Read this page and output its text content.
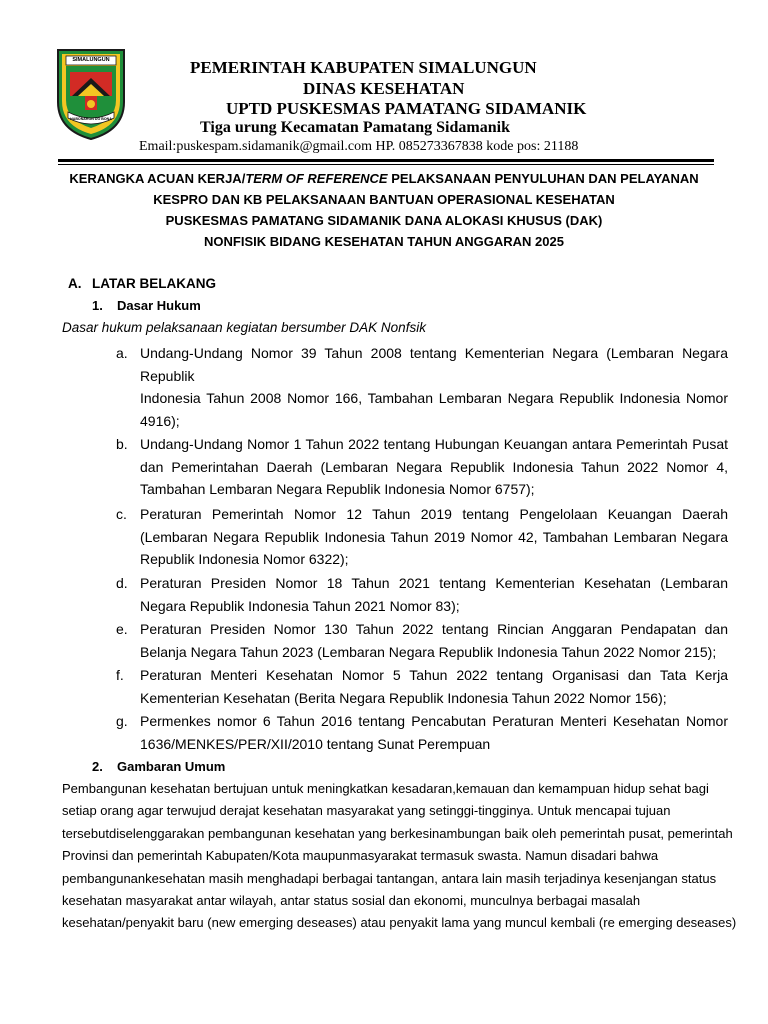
SIMALUNGUN
HABONARON DO BONA
PEMERINTAH KABUPATEN SIMALUNGUN
DINAS KESEHATAN
UPTD PUSKESMAS PAMATANG SIDAMANIK
Tiga urung Kecamatan Pamatang Sidamanik
Email:puskespam.sidamanik@gmail.com HP. 085273367838 kode pos: 21188
KERANGKA ACUAN KERJA/TERM OF REFERENCE PELAKSANAAN PENYULUHAN DAN PELAYANAN
KESPRO DAN KB PELAKSANAAN BANTUAN OPERASIONAL KESEHATAN
PUSKESMAS PAMATANG SIDAMANIK DANA ALOKASI KHUSUS (DAK)
NONFISIK BIDANG KESEHATAN TAHUN ANGGARAN 2025
A. LATAR BELAKANG
1. Dasar Hukum
Dasar hukum pelaksanaan kegiatan bersumber DAK Nonfsik
a. Undang-Undang Nomor 39 Tahun 2008 tentang Kementerian Negara (Lembaran Negara Republik
Indonesia Tahun 2008 Nomor 166, Tambahan Lembaran Negara Republik Indonesia Nomor 4916);
b. Undang-Undang Nomor 1 Tahun 2022 tentang Hubungan Keuangan antara Pemerintah Pusat dan Pemerintahan Daerah (Lembaran Negara Republik Indonesia Tahun 2022 Nomor 4, Tambahan Lembaran Negara Republik Indonesia Nomor 6757);
c. Peraturan Pemerintah Nomor 12 Tahun 2019 tentang Pengelolaan Keuangan Daerah (Lembaran Negara Republik Indonesia Tahun 2019 Nomor 42, Tambahan Lembaran Negara Republik Indonesia Nomor 6322);
d. Peraturan Presiden Nomor 18 Tahun 2021 tentang Kementerian Kesehatan (Lembaran Negara Republik Indonesia Tahun 2021 Nomor 83);
e. Peraturan Presiden Nomor 130 Tahun 2022 tentang Rincian Anggaran Pendapatan dan Belanja Negara Tahun 2023 (Lembaran Negara Republik Indonesia Tahun 2022 Nomor 215);
f. Peraturan Menteri Kesehatan Nomor 5 Tahun 2022 tentang Organisasi dan Tata Kerja Kementerian Kesehatan (Berita Negara Republik Indonesia Tahun 2022 Nomor 156);
g. Permenkes nomor 6 Tahun 2016 tentang Pencabutan Peraturan Menteri Kesehatan Nomor 1636/MENKES/PER/XII/2010 tentang Sunat Perempuan
2. Gambaran Umum
Pembangunan kesehatan bertujuan untuk meningkatkan kesadaran,kemauan dan kemampuan hidup sehat bagi setiap orang agar terwujud derajat kesehatan masyarakat yang setinggi-tingginya. Untuk mencapai tujuan tersebutdiselenggarakan pembangunan kesehatan yang berkesinambungan baik oleh pemerintah pusat, pemerintah Provinsi dan pemerintah Kabupaten/Kota maupunmasyarakat termasuk swasta. Namun disadari bahwa pembangunankesehatan masih menghadapi berbagai tantangan, antara lain masih terjadinya kesenjangan status kesehatan masyarakat antar wilayah, antar status sosial dan ekonomi, munculnya berbagai masalah kesehatan/penyakit baru (new emerging deseases) atau penyakit lama yang muncul kembali (re emerging deseases)
